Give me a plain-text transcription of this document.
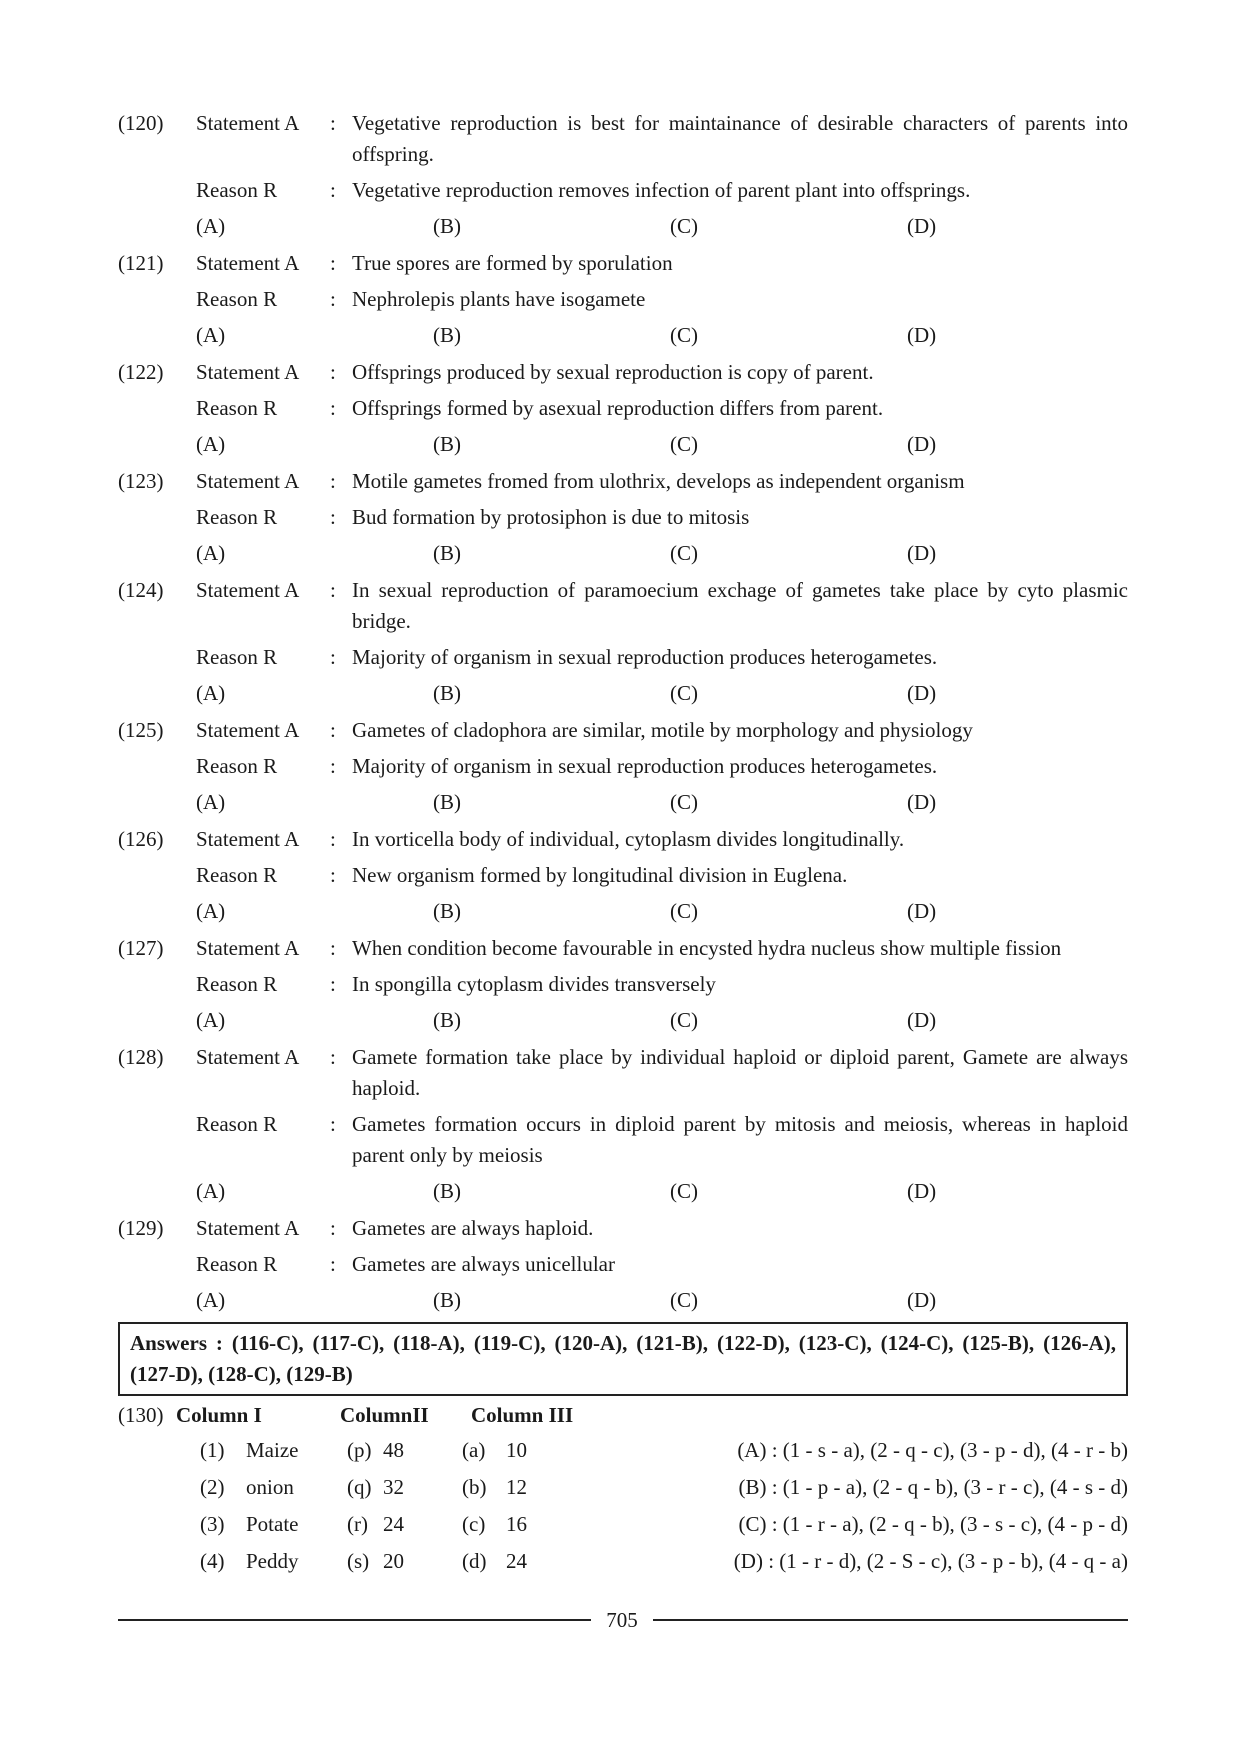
(120)	Statement A	: Vegetative reproduction is best for maintainance of desirable characters of parents into offspring.
Reason R	: Vegetative reproduction removes infection of parent plant into offsprings.
(A)	(B)	(C)	(D)
(121)	Statement A	: True spores are formed by sporulation
Reason R	: Nephrolepis plants have isogamete
(A)	(B)	(C)	(D)
(122)	Statement A	: Offsprings produced by sexual reproduction is copy of parent.
Reason R	: Offsprings formed by asexual reproduction differs from parent.
(A)	(B)	(C)	(D)
(123)	Statement A	: Motile gametes fromed from ulothrix, develops as independent organism
Reason R	: Bud formation by protosiphon is due to mitosis
(A)	(B)	(C)	(D)
(124)	Statement A	: In sexual reproduction of paramoecium exchage of gametes take place by cyto plasmic bridge.
Reason R	: Majority of organism in sexual reproduction produces heterogametes.
(A)	(B)	(C)	(D)
(125)	Statement A	: Gametes of cladophora are similar, motile by morphology and physiology
Reason R	: Majority of organism in sexual reproduction produces heterogametes.
(A)	(B)	(C)	(D)
(126)	Statement A	: In vorticella body of individual, cytoplasm divides longitudinally.
Reason R	: New organism formed by longitudinal division in Euglena.
(A)	(B)	(C)	(D)
(127)	Statement A	: When condition become favourable in encysted hydra nucleus show multiple fission
Reason R	: In spongilla cytoplasm divides transversely
(A)	(B)	(C)	(D)
(128)	Statement A	: Gamete formation take place by individual haploid or diploid parent, Gamete are always haploid.
Reason R	: Gametes formation occurs in diploid parent by mitosis and meiosis, whereas in haploid parent only by meiosis
(A)	(B)	(C)	(D)
(129)	Statement A	: Gametes are always haploid.
Reason R	: Gametes are always unicellular
(A)	(B)	(C)	(D)
Answers : (116-C), (117-C), (118-A), (119-C), (120-A), (121-B), (122-D), (123-C), (124-C), (125-B), (126-A), (127-D), (128-C), (129-B)
(130) Column I	ColumnII	Column III
(1)	Maize	(p) 48	(a) 10	(A) : (1 - s - a), (2 - q - c), (3 - p - d), (4 - r - b)
(2)	onion	(q) 32	(b) 12	(B) : (1 - p - a), (2 - q - b), (3 - r - c), (4 - s - d)
(3)	Potate	(r) 24	(c) 16	(C) : (1 - r - a), (2 - q - b), (3 - s - c), (4 - p - d)
(4)	Peddy	(s) 20	(d) 24	(D) : (1 - r - d), (2 - S - c), (3 - p - b), (4 - q - a)
705
